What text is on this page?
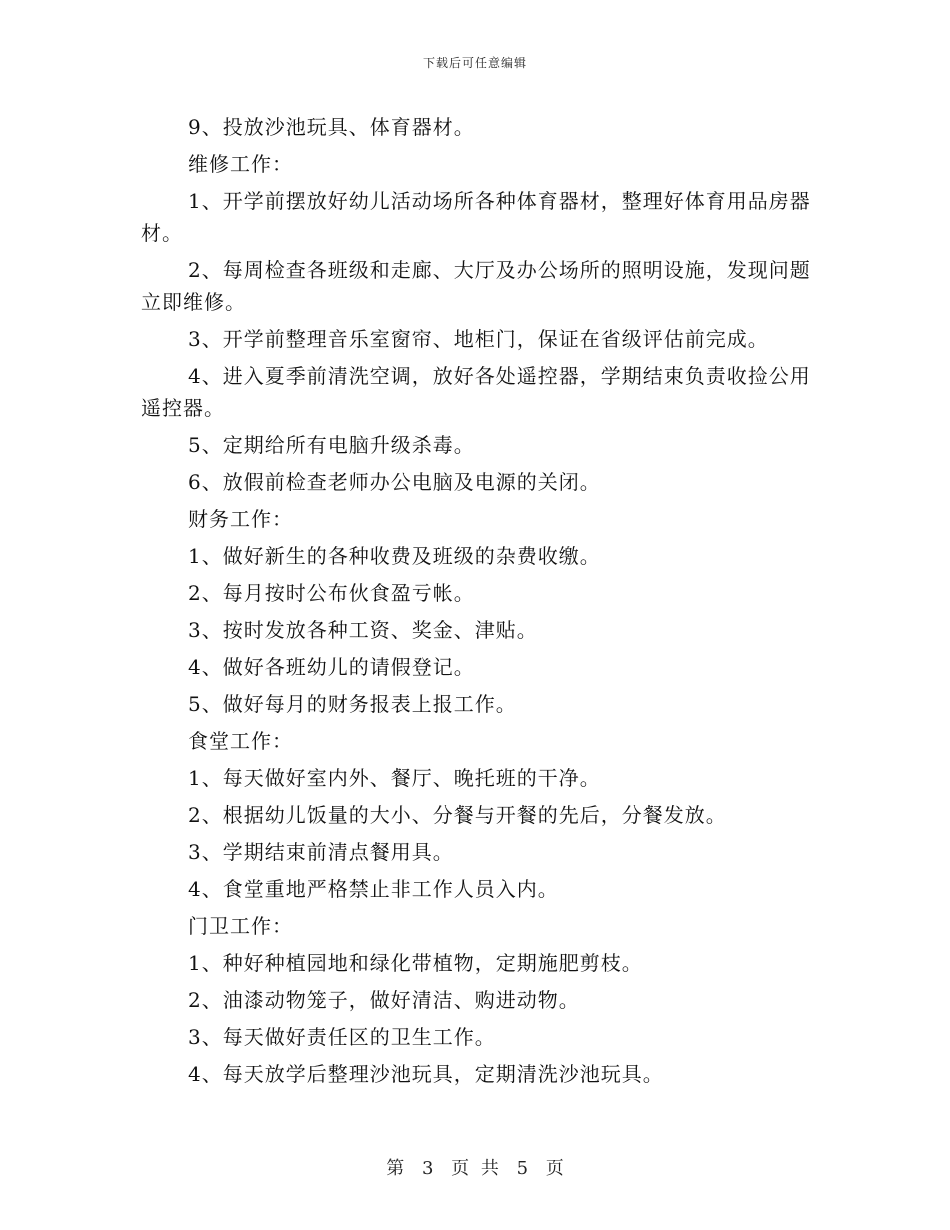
下载后可任意编辑

9、投放沙池玩具、体育器材。

维修工作：

1、开学前摆放好幼儿活动场所各种体育器材，整理好体育用品房器材。

2、每周检查各班级和走廊、大厅及办公场所的照明设施，发现问题立即维修。

3、开学前整理音乐室窗帘、地柜门，保证在省级评估前完成。

4、进入夏季前清洗空调，放好各处遥控器，学期结束负责收捡公用遥控器。

5、定期给所有电脑升级杀毒。

6、放假前检查老师办公电脑及电源的关闭。

财务工作：

1、做好新生的各种收费及班级的杂费收缴。

2、每月按时公布伙食盈亏帐。

3、按时发放各种工资、奖金、津贴。

4、做好各班幼儿的请假登记。

5、做好每月的财务报表上报工作。

食堂工作：

1、每天做好室内外、餐厅、晚托班的干净。

2、根据幼儿饭量的大小、分餐与开餐的先后，分餐发放。

3、学期结束前清点餐用具。

4、食堂重地严格禁止非工作人员入内。

门卫工作：

1、种好种植园地和绿化带植物，定期施肥剪枝。

2、油漆动物笼子，做好清洁、购进动物。

3、每天做好责任区的卫生工作。

4、每天放学后整理沙池玩具，定期清洗沙池玩具。

第 3 页 共 5 页
